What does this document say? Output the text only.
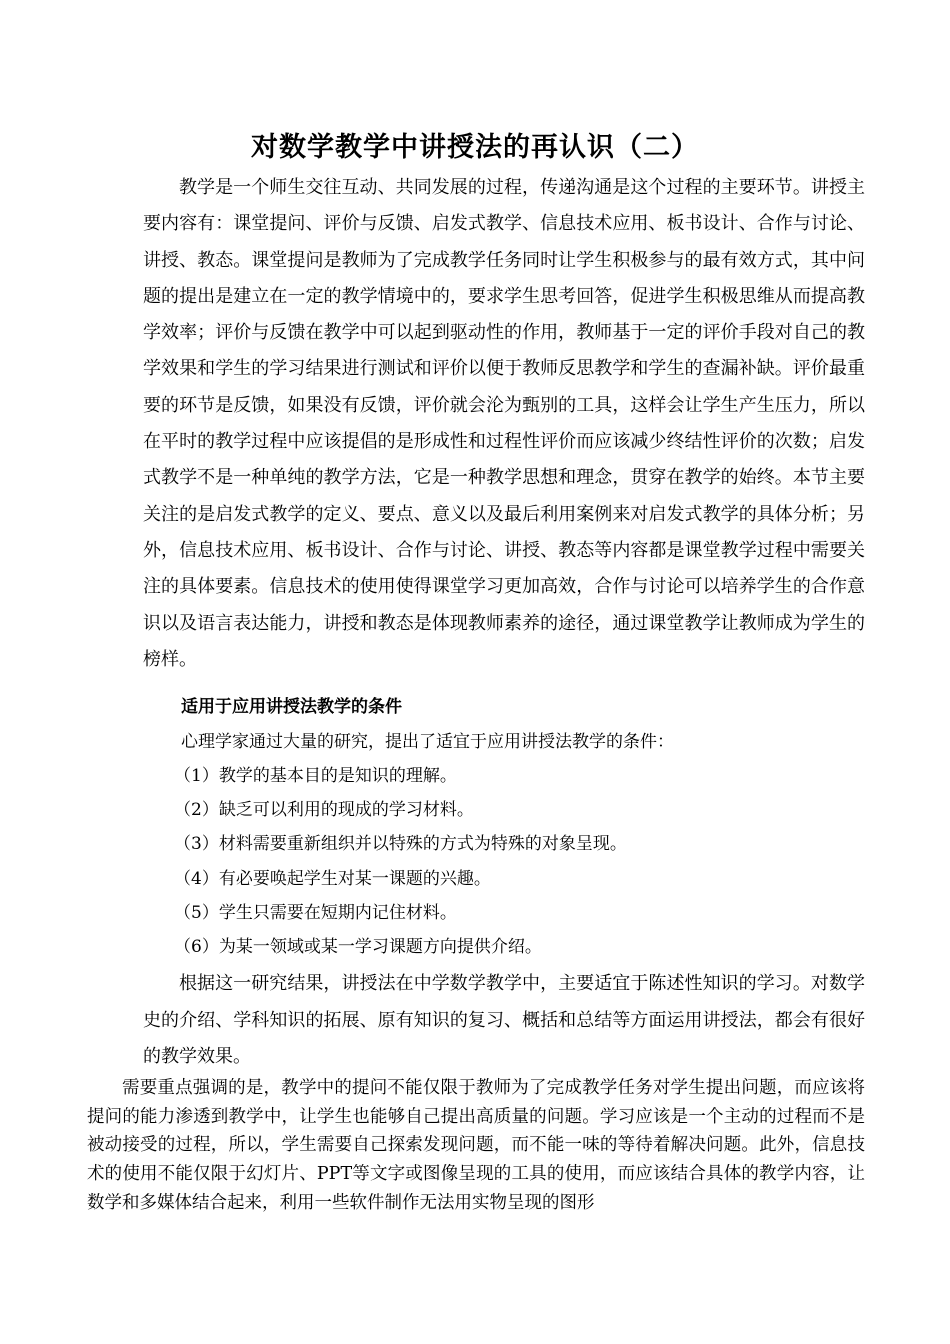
对数学教学中讲授法的再认识（二）

教学是一个师生交往互动、共同发展的过程，传递沟通是这个过程的主要环节。讲授主要内容有：课堂提问、评价与反馈、启发式教学、信息技术应用、板书设计、合作与讨论、讲授、教态。课堂提问是教师为了完成教学任务同时让学生积极参与的最有效方式，其中问题的提出是建立在一定的教学情境中的，要求学生思考回答，促进学生积极思维从而提高教学效率；评价与反馈在教学中可以起到驱动性的作用，教师基于一定的评价手段对自己的教学效果和学生的学习结果进行测试和评价以便于教师反思教学和学生的查漏补缺。评价最重要的环节是反馈，如果没有反馈，评价就会沦为甄别的工具，这样会让学生产生压力，所以在平时的教学过程中应该提倡的是形成性和过程性评价而应该减少终结性评价的次数；启发式教学不是一种单纯的教学方法，它是一种教学思想和理念，贯穿在教学的始终。本节主要关注的是启发式教学的定义、要点、意义以及最后利用案例来对启发式教学的具体分析；另外，信息技术应用、板书设计、合作与讨论、讲授、教态等内容都是课堂教学过程中需要关注的具体要素。信息技术的使用使得课堂学习更加高效，合作与讨论可以培养学生的合作意识以及语言表达能力，讲授和教态是体现教师素养的途径，通过课堂教学让教师成为学生的榜样。

适用于应用讲授法教学的条件

心理学家通过大量的研究，提出了适宜于应用讲授法教学的条件：

（1）教学的基本目的是知识的理解。
（2）缺乏可以利用的现成的学习材料。
（3）材料需要重新组织并以特殊的方式为特殊的对象呈现。
（4）有必要唤起学生对某一课题的兴趣。
（5）学生只需要在短期内记住材料。
（6）为某一领域或某一学习课题方向提供介绍。

根据这一研究结果，讲授法在中学数学教学中，主要适宜于陈述性知识的学习。对数学史的介绍、学科知识的拓展、原有知识的复习、概括和总结等方面运用讲授法，都会有很好的教学效果。

需要重点强调的是，教学中的提问不能仅限于教师为了完成教学任务对学生提出问题，而应该将提问的能力渗透到教学中，让学生也能够自己提出高质量的问题。学习应该是一个主动的过程而不是被动接受的过程，所以，学生需要自己探索发现问题，而不能一味的等待着解决问题。此外，信息技术的使用不能仅限于幻灯片、PPT等文字或图像呈现的工具的使用，而应该结合具体的教学内容，让数学和多媒体结合起来，利用一些软件制作无法用实物呈现的图形
